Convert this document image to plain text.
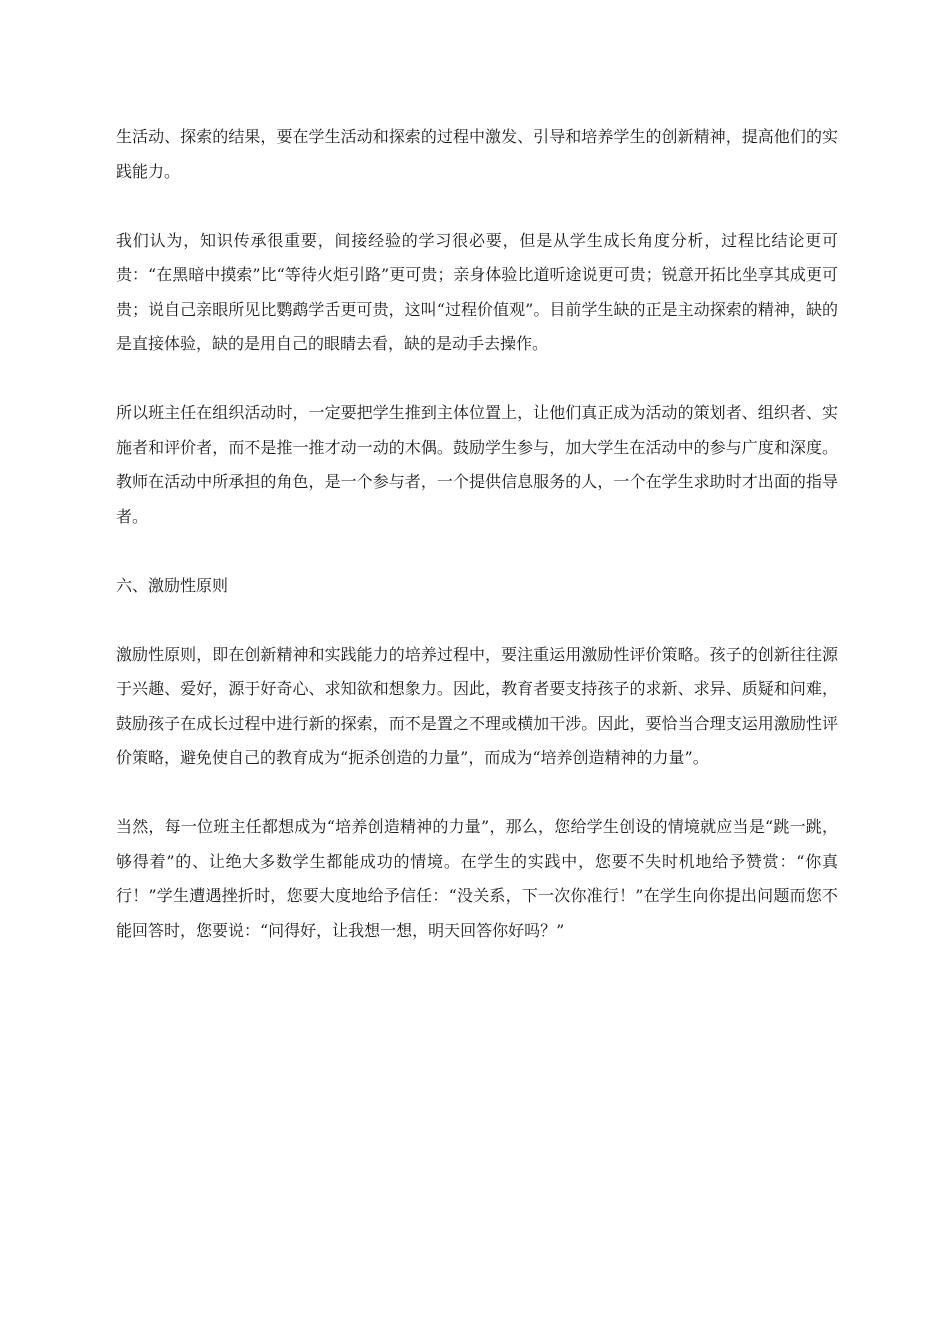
生活动、探索的结果，要在学生活动和探索的过程中激发、引导和培养学生的创新精神，提高他们的实践能力。

我们认为，知识传承很重要，间接经验的学习很必要，但是从学生成长角度分析，过程比结论更可贵：“在黑暗中摸索”比“等待火炬引路”更可贵；亲身体验比道听途说更可贵；锐意开拓比坐享其成更可贵；说自己亲眼所见比鹦鹉学舌更可贵，这叫“过程价值观”。目前学生缺的正是主动探索的精神，缺的是直接体验，缺的是用自己的眼睛去看，缺的是动手去操作。

所以班主任在组织活动时，一定要把学生推到主体位置上，让他们真正成为活动的策划者、组织者、实施者和评价者，而不是推一推才动一动的木偶。鼓励学生参与，加大学生在活动中的参与广度和深度。教师在活动中所承担的角色，是一个参与者，一个提供信息服务的人，一个在学生求助时才出面的指导者。

六、激励性原则

激励性原则，即在创新精神和实践能力的培养过程中，要注重运用激励性评价策略。孩子的创新往往源于兴趣、爱好，源于好奇心、求知欲和想象力。因此，教育者要支持孩子的求新、求异、质疑和问难，鼓励孩子在成长过程中进行新的探索，而不是置之不理或横加干涉。因此，要恰当合理支运用激励性评价策略，避免使自己的教育成为“扼杀创造的力量”，而成为“培养创造精神的力量”。

当然，每一位班主任都想成为“培养创造精神的力量”，那么，您给学生创设的情境就应当是“跳一跳，够得着”的、让绝大多数学生都能成功的情境。在学生的实践中，您要不失时机地给予赞赏：“你真行！”学生遭遇挫折时，您要大度地给予信任：“没关系，下一次你准行！”在学生向你提出问题而您不能回答时，您要说：“问得好，让我想一想，明天回答你好吗？”
